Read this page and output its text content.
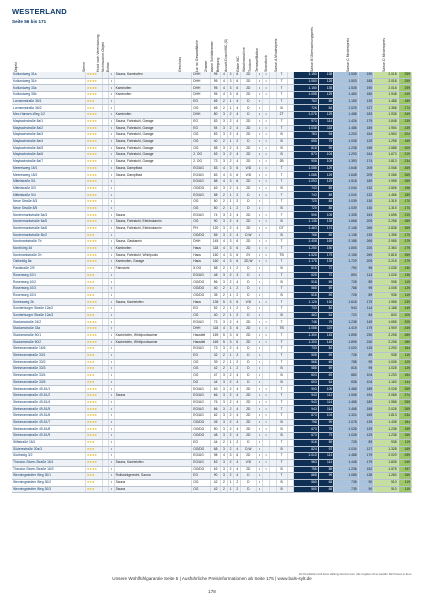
WESTERLAND
Seite 56 bis 171
Objekt	Sterne	Hund nach Vereinbarung Nichtraucher-Objekt Extras	Geschoss	Lw. m² Gesamtfläche Zimmer davon Schlafzimmer Belegung Anzahl Dusch/WC (D) Gäste WC Waschmaschine Trockner Terrasse/Balkon Strandkorb Saison A Mindestpreis	Saison B Übernachtungspreis	Saison C Mindestpreis	Saison D Mindestpreis
Kollundweg 31a	★★★★		•	Sauna, Kaminofen	DHH	95	4	3	6	2D	•	•		T		1.150	135	1.535	190	2.018	259
Kollundweg 31b	★★★★		•		DHH	95	4	3	6	2D	•	•		T		1.060	125	1.503	185	2.018	259
Kollundweg 33a	★★★★		•	Kaminofen	DHH	95	4	3	6	2D	•	•		T		1.150	135	1.535	190	2.018	259
Kollundweg 33b	★★★★		•	Kaminofen	DHH	95	4	3	6	2D	•	•		T		1.098	129	1.460	180	1.948	249
Lornsenstraße 36/1	★★★		•		EG	65	2	1	4	D	•			T		763	89	1.159	139	1.488	189
Lornsenstraße 36/2	★★★		•		OG	65	2	1	4	D	•			B		726	84	1.029	127	1.358	174
Mex-Hansen-Weg 1/2	★★★★		•	Kaminofen	DHH	80	3	2	4	D	•	•		2T		1.078	129	1.488	183	1.938	249
Maybachstraße 8a/1	★★★★		•	Sauna, Fahrstuhl, Garage	EG	83	3	2	4	2D	•	•		T		973	114	1.426	179	1.848	239
Maybachstraße 8a/2	★★★★		•	Sauna, Fahrstuhl, Garage	EG	94	3	2	4	2D	•	•		T		1.038	118	1.486	189	1.954	239
Maybachstraße 8a/3	★★★★		•	Sauna, Fahrstuhl, Garage	OG	83	3	2	4	2D	•	•		B		783	94	1.203	154	1.553	204
Maybachstraße 8a/4	★★★★		•	Sauna, Fahrstuhl, Garage	OG	40	2	1	2	D	•	•		B		658	79	1.008	129	1.298	169
Maybachstraße 8a/5	★★★★		•	Sauna, Fahrstuhl, Garage	OG	58	3	2	3	2D	•	•		B		818	99	1.238	159	1.588	209
Maybachstraße 8a/6	★★★★		•	Sauna, Fahrstuhl, Garage	2. OG	63	3	2	4	2D	•	•		B		873	104	1.293	164	1.673	219
Maybachstraße 8a/7	★★★★		•	Sauna, Fahrstuhl, Garage	2. OG	73	3	2	4	2D	•	•		2B		908	109	1.393	174	1.813	234
Meeresweg 15/1	★★★★		•	Sauna, Dampfbad	EG/UG	83	4	3	6	V/D	•	•		T		1.088	129	1.648	209	2.068	269
Meeresweg 15/2	★★★★		•	Sauna, Dampfbad	EG/UG	83	4	3	6	V/D	•	•		T		1.088	129	1.648	209	2.068	269
Mittelstraße 5/1	★★★★		•		EG/UG	88	4	3	6	2D	•	•		T		1.093	129	1.518	189	1.998	259
Mittelstraße 5/3	★★★★		•		OG/DG	63	3	2	4	2D	•	•		B		743	89	1.044	132	1.506	196
Mittelstraße 5/4	★★★★		•		EG/UG	58	2	1	2	D	•	•		T		743	89	1.044	132	1.456	189
Neue Straße 8/3	★★★★		•		OG	50	2	1	2	D	•			T		720	85	1.039	130	1.315	170
Neue Straße 8/5	★★★★		•		OG	50	2	1	2	D	•			B		720	85	1.039	130	1.315	170
Nordermarkstraße 5a/3	★★★★		•	Sauna	EG/UG	74	3	2	4	2D	•	•		T		906	109	1.308	164	1.698	219
Nordermarkstraße 5a/5	★★★★		•	Sauna, Fahrstuhl, Elektrokamin	OG	90	3	2	4	2D	•	•		B		1.138	139	1.668	209	2.258	289
Nordermarkstraße 5a/6	★★★★		•	Sauna, Fahrstuhl, Elektrokamin	PH	120	3	2	4	2D	•	•		DT		1.463	174	2.148	269	2.838	359
Nordermarkstraße 5b/2	★★★		•		OG/DG	55	3	2	4	D,W	•			B		768	89	1.138	139	1.398	179
Nordmarkstraße 7b	★★★★		•	Sauna, Gaskamin	DHH	145	4	3	6	2D	•	•		T		1.408	169	2.188	269	2.958	379
Nordhörig 3d	★★★★		•	Kaminofen	Haus	118	4	3	6	2D	•	•		T		1.250	150	1.805	220	2.360	279
Nordmarkstraße 2h	★★★★		•	Sauna, Fahrstuhl, Whirlpools	Haus	160	4	3	6	2V	•	•		TB		1.528	179	2.158	269	2.818	359
Ostheidig 8a	★★★★		•	Kaminofen, Garage	Haus	160	4	3	6	2D,W	•	•		T		1.178	139	1.729	209	2.218	279
Paulstraße 2/9	★★★		•	Fahrstuhl	5.OG	58	2	1	2	D	•			B		615	72	790	95	1.035	130
Rosenweg 10/1	★★★		•		EG/UG	48	3	2	3	D	•			T		625	70	893	113	1.026	135
Rosenweg 10/2	★★★		•		OG/DG	56	3	2	4	D	•			B		518	59	728	89	938	119
Rosenweg 10/3	★★★		•		OG/DG	40	2	1	2	D	•			T		568	69	788	99	1.008	129
Rosenweg 10/4	★★★		•		OG/DG	35	2	1	2	D	•			B		518	59	728	89	938	119
Smeesweg 2b	★★★★		•	Sauna, Kachelofen	Haus	135	5	3	6	V/D	•	•		T		1.125	130	1.618	179	1.958	239
Sonderburger Straße 12a/2	★★★		•		EG	52	2	1	2	D	•			T		733	84	943	114	1.188	149
Sonderburger Straße 12a/3	★★★		•		OG	40	2	1	2	D	•			B		463	54	723	84	843	109
Stadumstraße 24/2	★★★★		•		EG/UG	73	3	2	4	2D	•	•		T		748	79	1.238	149	1.658	209
Stadumstraße 33a	★★★★		•		DHH	118	4	3	6	2D	•	•		TB		1.058	119	1.419	179	1.909	249
Stadumstraße 50/1	★★★★		•	Kachelofen, Whirlpoolwanne	Haustiel	169	5	3	6	2D	•	•		T		1.300	145	1.895	230	2.208	289
Stadumstraße 50/2	★★★★		•	Kachelofen, Whirlpoolwanne	Haustiel	169	5	3	6	2D	•	•		T		1.300	145	1.895	230	2.208	289
Steinmannstraße 16/6	★★★		•		EG/UG	73	3	2	4	D	•			T		733	84	1.020	125	1.293	164
Steinmannstraße 33/1	★★★		•		EG	32	2	1	2	D	•			T		508	59	728	89	938	119
Steinmannstraße 33/2	★★★		•		OG	39	2	1	2	D	•			T		568	69	788	99	1.008	129
Steinmannstraße 33/3	★★★		•		OG	42	2	1	2	D	•			B		588	69	818	99	1.028	129
Steinmannstraße 33/4	★★★		•		OG	47	3	2	4	D	•			B		603	69	883	104	1.233	154
Steinmannstraße 33/5	★★★		•		DG	44	3	2	4	D	•			B		603	64	838	104	1.163	144
Steinmannstraße 49-51/1	★★★★		•		EG/UG	63	3	2	4	2D	•	•		T		903	109	1.468	189	2.028	269
Steinmannstraße 49-51/2	★★★★		•	Sauna	EG/UG	66	3	2	4	2D	•	•		T		943	114	1.508	194	2.068	274
Steinmannstraße 49-51/4	★★★★		•		EG/UG	76	3	2	4	2D	•	•		T		943	114	1.468	189	1.988	259
Steinmannstraße 49-51/5	★★★★		•		EG/UG	66	3	2	4	2D	•	•		T		943	114	1.468	189	2.028	269
Steinmannstraße 49-51/6	★★★★		•		EG/UG	62	3	2	4	2D	•	•		T		873	104	1.324	169	1.813	234
Steinmannstraße 49-51/7	★★★★		•		OG/DG	45	3	2	4	2D	•	•		B		798	99	1.078	139	1.438	184
Steinmannstraße 49-51/8	★★★★		•		OG/DG	50	3	2	4	2D	•	•		B		673	79	1.028	129	1.238	159
Steinmannstraße 49-51/9	★★★★		•		OG/DG	48	3	2	4	2D	•	•		B		673	79	1.028	129	1.238	159
Stiftstraße 18/1	★★★		•		EG	44	2	1	2	D	•			T		518	59	728	89	938	119
Südersstraße 20a/3	★★★		•		OG/DG	68	3	2	4	D,W	•			B		824	97	1.034	127	1.328	169
Südhedig 3/2	★★★★		•		EG/UG	98	4	3	6	2D	•	•		T		1.010	114	1.488	179	2.029	259
Theodor-Storm-Straße 16/1	★★★★		•	Sauna, Kachelofen	EG/UG	63	3	2	4	V/D	•	•		T		963	114	1.448	179	1.808	249
Theodor-Storm-Straße 16/3	★★★★		•		OG/DG	63	3	2	4	2D	•	•		B		756	89	1.236	152	1.575	197
Wenningstedter Weg 30/1	★★★		•	Rollstuhlgerecht, Sauna	EG	90	3	2	4	D	•			T		868	99	1.085	135	1.260	159
Wenningstedter Weg 30/2	★★★		•	Sauna	OG	42	2	1	2	D	•			B		560	65	735	90	910	119
Wenningstedter Weg 30/3	★★★		•	Sauna	OG	42	2	1	2	D	•			B		560	65	735	90	910	119
Für Druckfehler wird keine Haftung übernommen. Alle Angaben ohne Gewähr. Bei Preisen in Euro.
Unsere Wohlfühlgarantie Seite 5 | Ausführliche Preisinformationen ab Seite 175 | www.bals-sylt.de
178
